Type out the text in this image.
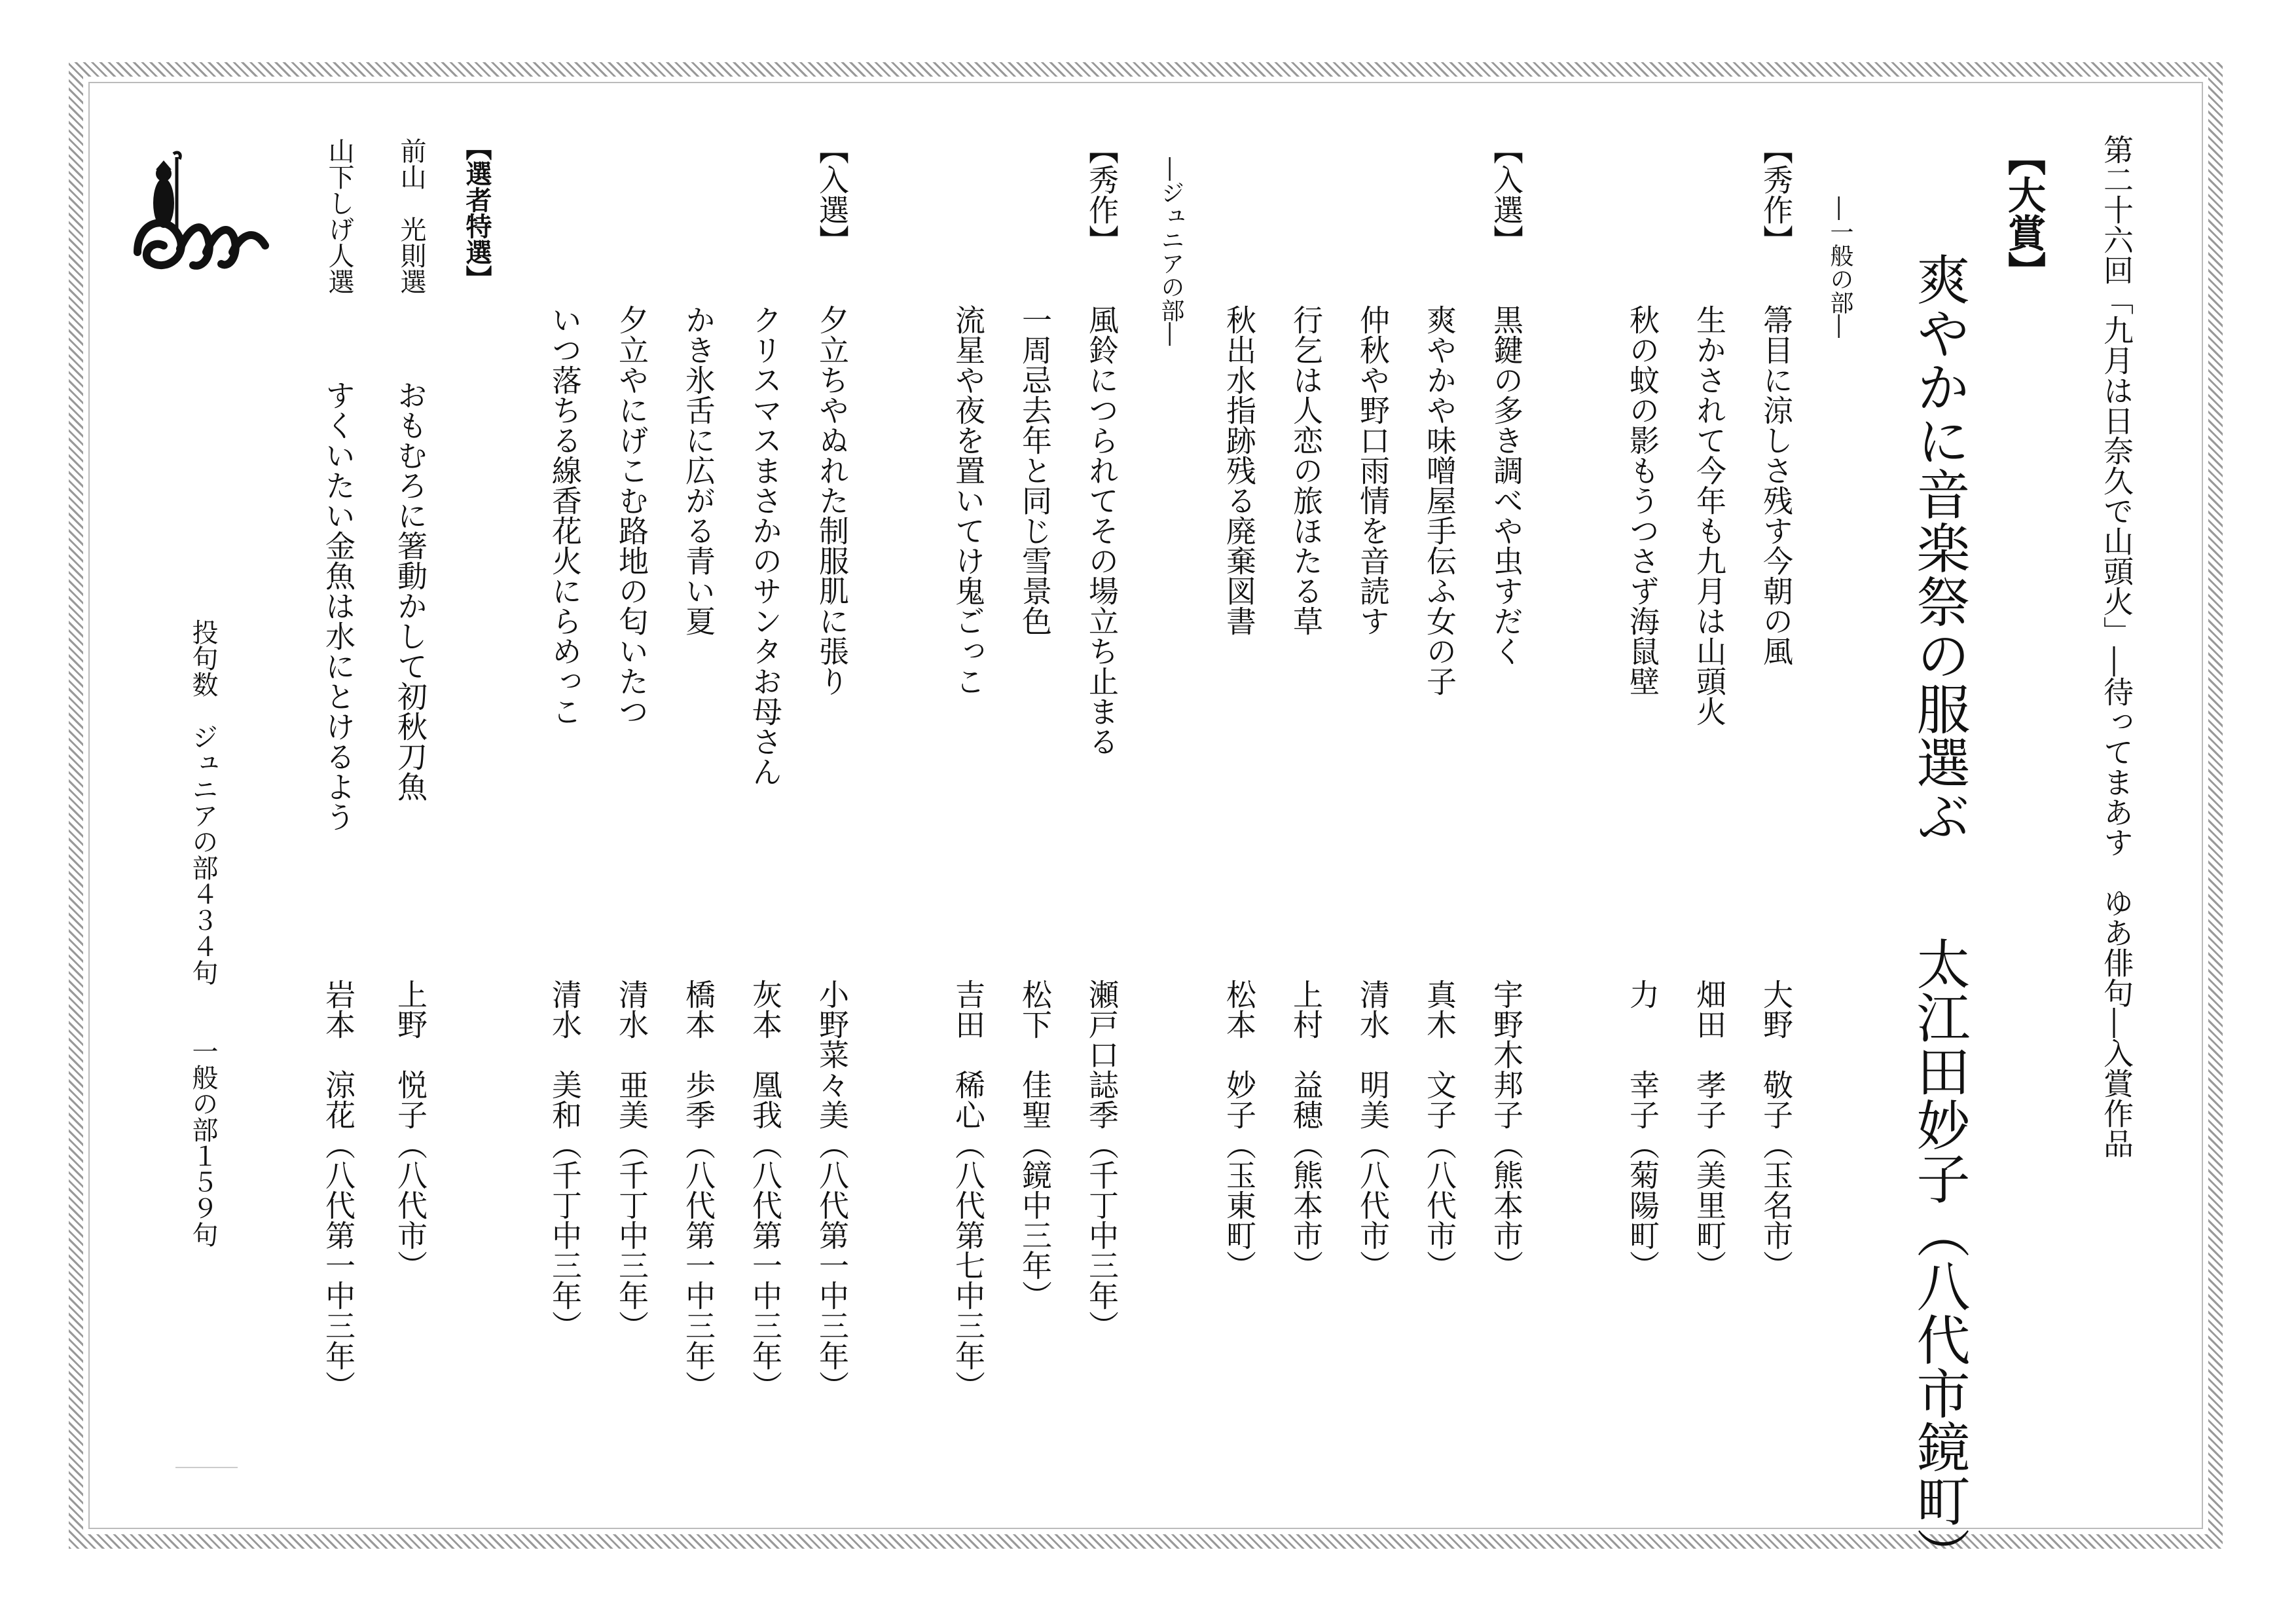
第二十六回「九月は日奈久で山頭火」―待ってまあす　ゆあ俳句―入賞作品
【大賞】
爽やかに音楽祭の服選ぶ
太江田妙子（八代市鏡町）
―一般の部―
【秀作】
箒目に涼しさ残す今朝の風
大野　敬子（玉名市）
生かされて今年も九月は山頭火
畑田　孝子（美里町）
秋の蚊の影もうつさず海鼠壁
力　　幸子（菊陽町）
【入選】
黒鍵の多き調べや虫すだく
宇野木邦子（熊本市）
爽やかや味噌屋手伝ふ女の子
真木　文子（八代市）
仲秋や野口雨情を音読す
清水　明美（八代市）
行乞は人恋の旅ほたる草
上村　益穂（熊本市）
秋出水指跡残る廃棄図書
松本　妙子（玉東町）
―ジュニアの部―
【秀作】
風鈴につられてその場立ち止まる
瀬戸口誌季（千丁中三年）
一周忌去年と同じ雪景色
松下　佳聖（鏡中三年）
流星や夜を置いてけ鬼ごっこ
吉田　稀心（八代第七中三年）
【入選】
夕立ちやぬれた制服肌に張り
小野菜々美（八代第一中三年）
クリスマスまさかのサンタお母さん
灰本　凰我（八代第一中三年）
かき氷舌に広がる青い夏
橋本　歩季（八代第一中三年）
夕立やにげこむ路地の匂いたつ
清水　亜美（千丁中三年）
いつ落ちる線香花火にらめっこ
清水　美和（千丁中三年）
【選者特選】
前山　光則選
おもむろに箸動かして初秋刀魚
上野　悦子（八代市）
山下しげ人選
すくいたい金魚は水にとけるよう
岩本　涼花（八代第一中三年）
投句数　ジュニアの部４３４句　　一般の部１５９句
